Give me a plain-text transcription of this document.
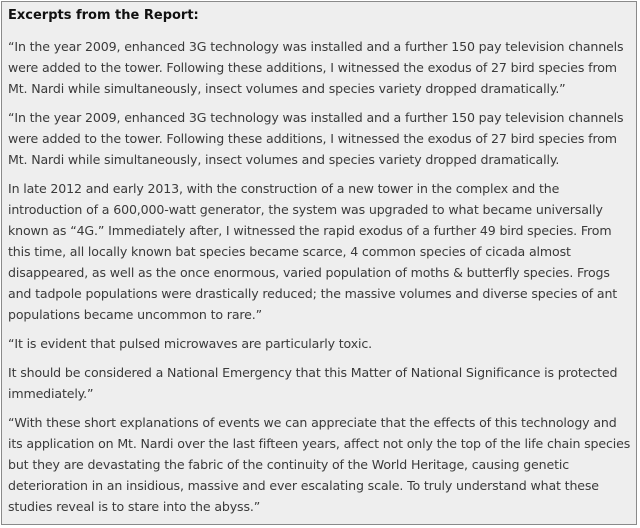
Excerpts from the Report:

“In the year 2009, enhanced 3G technology was installed and a further 150 pay television channels were added to the tower. Following these additions, I witnessed the exodus of 27 bird species from Mt. Nardi while simultaneously, insect volumes and species variety dropped dramatically.”

“In the year 2009, enhanced 3G technology was installed and a further 150 pay television channels were added to the tower. Following these additions, I witnessed the exodus of 27 bird species from Mt. Nardi while simultaneously, insect volumes and species variety dropped dramatically.

In late 2012 and early 2013, with the construction of a new tower in the complex and the introduction of a 600,000-watt generator, the system was upgraded to what became universally known as “4G.” Immediately after, I witnessed the rapid exodus of a further 49 bird species. From this time, all locally known bat species became scarce, 4 common species of cicada almost disappeared, as well as the once enormous, varied population of moths & butterfly species. Frogs and tadpole populations were drastically reduced; the massive volumes and diverse species of ant populations became uncommon to rare.”

“It is evident that pulsed microwaves are particularly toxic.

It should be considered a National Emergency that this Matter of National Significance is protected immediately.”

“With these short explanations of events we can appreciate that the effects of this technology and its application on Mt. Nardi over the last fifteen years, affect not only the top of the life chain species but they are devastating the fabric of the continuity of the World Heritage, causing genetic deterioration in an insidious, massive and ever escalating scale. To truly understand what these studies reveal is to stare into the abyss.”
